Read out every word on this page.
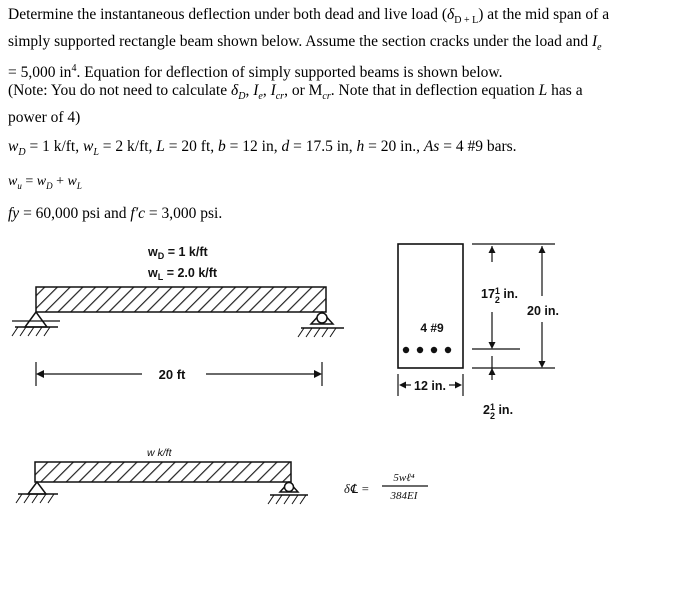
Determine the instantaneous deflection under both dead and live load $(\delta_{D + L})$ at the mid span of a
simply supported rectangle beam shown below. Assume the section cracks under the load and $I_e$
= 5,000 $in^4$. Equation for deflection of simply supported beams is shown below.
(Note: You do not need to calculate $\delta_D$, $I_e$, $I_{cr}$, or $M_{cr}$. Note that in deflection equation L has a
power of 4)
$w_D = 1$ k/ft, $w_L = 2$ k/ft, L = 20 ft, b = 12 in, d = 17.5 in, h = 20 in., As = 4 #9 bars.
$w_u = w_D + w_L$
fy = 60,000 psi and f′c = 3,000 psi.
$w_D = 1$ k/ft
$w_L = 2.0$ k/ft
20 ft
4 #9
12 in.
$17^1$ 2 in.
20 in.
$2^1$ 2 in.
w k/ft
δ℄ =
5wℓ⁴
384EI
